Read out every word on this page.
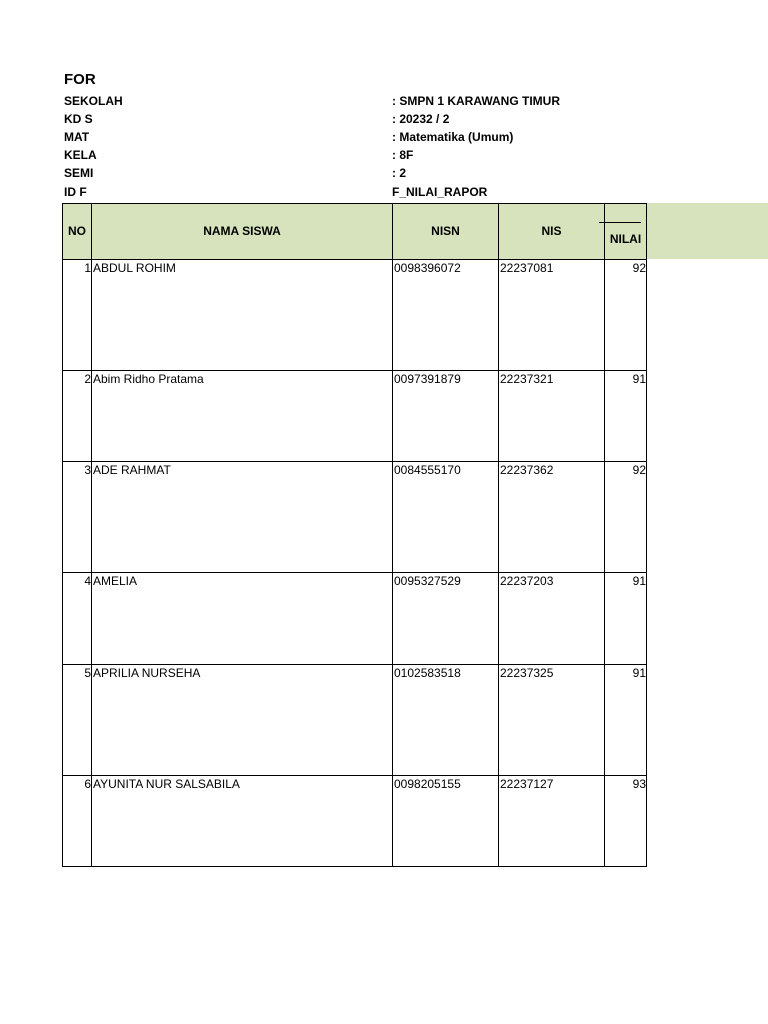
FOR
SEKOLAH	: SMPN 1 KARAWANG TIMUR
KD S	: 20232 / 2
MAT	: Matematika (Umum)
KELA	: 8F
SEMI	: 2
ID F	F_NILAI_RAPOR
NO	NAMA SISWA	NISN	NIS	NILAI
1	ABDUL ROHIM	0098396072	22237081	92
2	Abim Ridho Pratama	0097391879	22237321	91
3	ADE RAHMAT	0084555170	22237362	92
4	AMELIA	0095327529	22237203	91
5	APRILIA NURSEHA	0102583518	22237325	91
6	AYUNITA NUR SALSABILA	0098205155	22237127	93
